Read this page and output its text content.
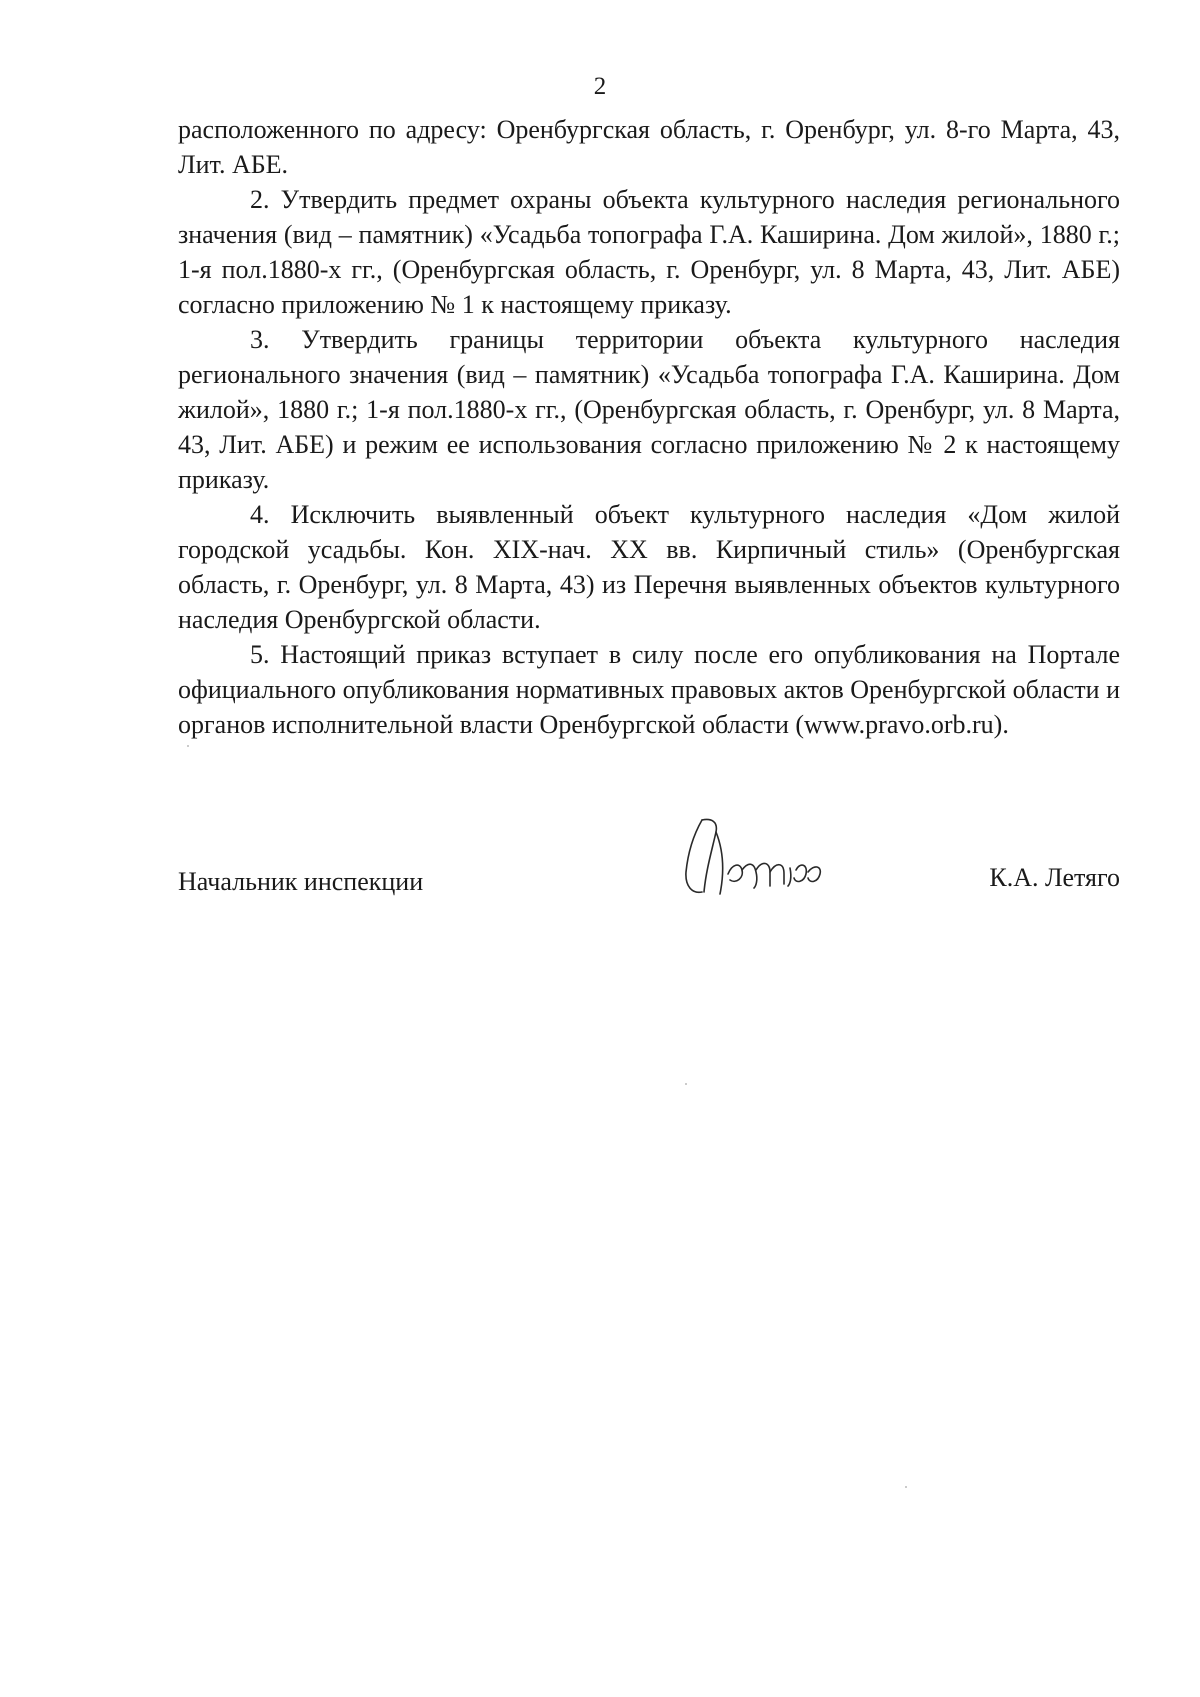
2

расположенного по адресу: Оренбургская область, г. Оренбург, ул. 8-го Марта, 43, Лит. АБЕ.

2. Утвердить предмет охраны объекта культурного наследия регионального значения (вид – памятник) «Усадьба топографа Г.А. Каширина. Дом жилой», 1880 г.; 1-я пол.1880-х гг., (Оренбургская область, г. Оренбург, ул. 8 Марта, 43, Лит. АБЕ) согласно приложению № 1 к настоящему приказу.

3. Утвердить границы территории объекта культурного наследия регионального значения (вид – памятник) «Усадьба топографа Г.А. Каширина. Дом жилой», 1880 г.; 1-я пол.1880-х гг., (Оренбургская область, г. Оренбург, ул. 8 Марта, 43, Лит. АБЕ) и режим ее использования согласно приложению № 2 к настоящему приказу.

4. Исключить выявленный объект культурного наследия «Дом жилой городской усадьбы. Кон. XIX-нач. XX вв. Кирпичный стиль» (Оренбургская область, г. Оренбург, ул. 8 Марта, 43) из Перечня выявленных объектов культурного наследия Оренбургской области.

5. Настоящий приказ вступает в силу после его опубликования на Портале официального опубликования нормативных правовых актов Оренбургской области и органов исполнительной власти Оренбургской области (www.pravo.orb.ru).

Начальник инспекции	К.А. Летяго
